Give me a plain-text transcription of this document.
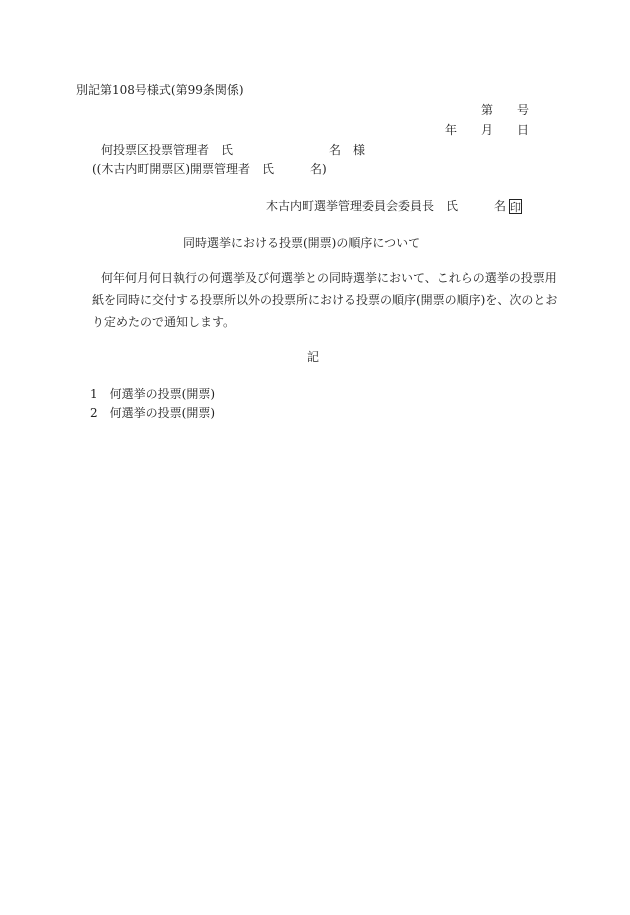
別記第108号様式(第99条関係)
第　　号
年　　月　　日
何投票区投票管理者　氏　　　　　　　　名　様
((木古内町開票区)開票管理者　氏　　　名)
木古内町選挙管理委員会委員長　氏　　　名 印
同時選挙における投票(開票)の順序について
何年何月何日執行の何選挙及び何選挙との同時選挙において、これらの選挙の投票用
紙を同時に交付する投票所以外の投票所における投票の順序(開票の順序)を、次のとお
り定めたので通知します。
記
1 何選挙の投票(開票)
2 何選挙の投票(開票)
